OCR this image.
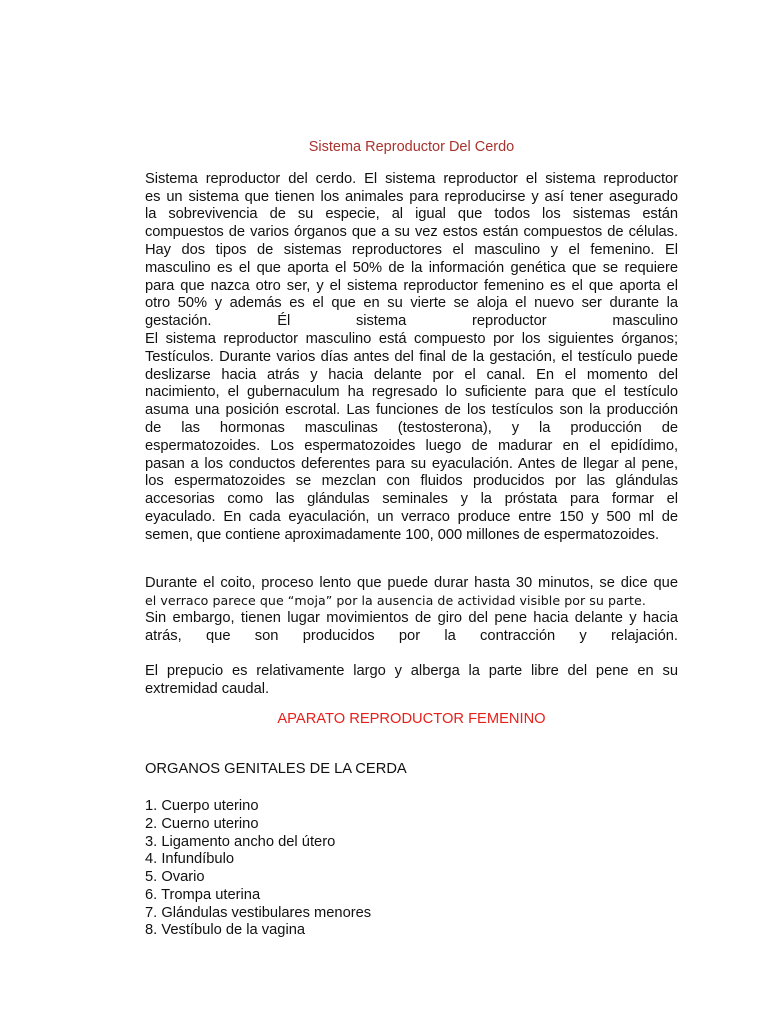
Sistema Reproductor Del Cerdo

Sistema reproductor del cerdo. El sistema reproductor el sistema reproductor
es un sistema que tienen los animales para reproducirse y así tener asegurado
la sobrevivencia de su especie, al igual que todos los sistemas están
compuestos de varios órganos que a su vez estos están compuestos de células.
Hay dos tipos de sistemas reproductores el masculino y el femenino. El
masculino es el que aporta el 50% de la información genética que se requiere
para que nazca otro ser, y el sistema reproductor femenino es el que aporta el
otro 50% y además es el que en su vierte se aloja el nuevo ser durante la
gestación. Él sistema reproductor masculino
El sistema reproductor masculino está compuesto por los siguientes órganos;
Testículos. Durante varios días antes del final de la gestación, el testículo puede
deslizarse hacia atrás y hacia delante por el canal. En el momento del
nacimiento, el gubernaculum ha regresado lo suficiente para que el testículo
asuma una posición escrotal. Las funciones de los testículos son la producción
de las hormonas masculinas (testosterona), y la producción de
espermatozoides. Los espermatozoides luego de madurar en el epidídimo,
pasan a los conductos deferentes para su eyaculación. Antes de llegar al pene,
los espermatozoides se mezclan con fluidos producidos por las glándulas
accesorias como las glándulas seminales y la próstata para formar el
eyaculado. En cada eyaculación, un verraco produce entre 150 y 500 ml de
semen, que contiene aproximadamente 100, 000 millones de espermatozoides.

Durante el coito, proceso lento que puede durar hasta 30 minutos, se dice que
el verraco parece que “moja” por la ausencia de actividad visible por su parte.
Sin embargo, tienen lugar movimientos de giro del pene hacia delante y hacia
atrás, que son producidos por la contracción y relajación.

El prepucio es relativamente largo y alberga la parte libre del pene en su extremidad caudal.

APARATO REPRODUCTOR FEMENINO
ORGANOS GENITALES DE LA CERDA
1. Cuerpo uterino
2. Cuerno uterino
3. Ligamento ancho del útero
4. Infundíbulo
5. Ovario
6. Trompa uterina
7. Glándulas vestibulares menores
8. Vestíbulo de la vagina
